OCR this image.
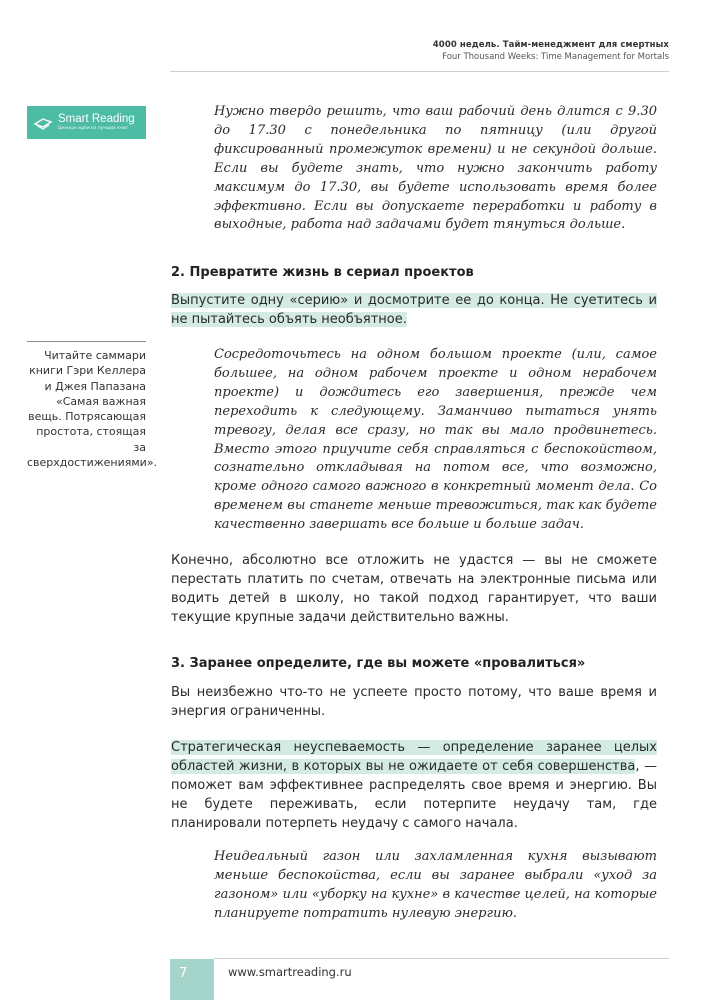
4000 недель. Тайм-менеджмент для смертных
Four Thousand Weeks: Time Management for Mortals
Smart Reading
Ценные идеи из лучших книг
Нужно твердо решить, что ваш рабочий день длится с 9.30 до 17.30 с понедельника по пятницу (или другой фиксированный промежуток времени) и не секундой дольше. Если вы будете знать, что нужно закончить работу максимум до 17.30, вы будете использовать время более эффективно. Если вы допускаете переработки и работу в выходные, работа над задачами будет тянуться дольше.
2. Превратите жизнь в сериал проектов
Выпустите одну «серию» и досмотрите ее до конца. Не суетитесь и не пытайтесь объять необъятное.
Читайте саммари книги Гэри Келлера и Джея Папазана «Самая важная вещь. Потрясающая простота, стоящая за сверхдостижениями».
Сосредоточьтесь на одном большом проекте (или, самое большее, на одном рабочем проекте и одном нерабочем проекте) и дождитесь его завершения, прежде чем переходить к следующему. Заманчиво пытаться унять тревогу, делая все сразу, но так вы мало продвинетесь. Вместо этого приучите себя справляться с беспокойством, сознательно откладывая на потом все, что возможно, кроме одного самого важного в конкретный момент дела. Со временем вы станете меньше тревожиться, так как будете качественно завершать все больше и больше задач.
Конечно, абсолютно все отложить не удастся — вы не сможете перестать платить по счетам, отвечать на электронные письма или водить детей в школу, но такой подход гарантирует, что ваши текущие крупные задачи действительно важны.
3. Заранее определите, где вы можете «провалиться»
Вы неизбежно что-то не успеете просто потому, что ваше время и энергия ограниченны.
Стратегическая неуспеваемость — определение заранее целых областей жизни, в которых вы не ожидаете от себя совершенства, — поможет вам эффективнее распределять свое время и энергию. Вы не будете переживать, если потерпите неудачу там, где планировали потерпеть неудачу с самого начала.
Неидеальный газон или захламленная кухня вызывают меньше беспокойства, если вы заранее выбрали «уход за газоном» или «уборку на кухне» в качестве целей, на которые планируете потратить нулевую энергию.
7	www.smartreading.ru
